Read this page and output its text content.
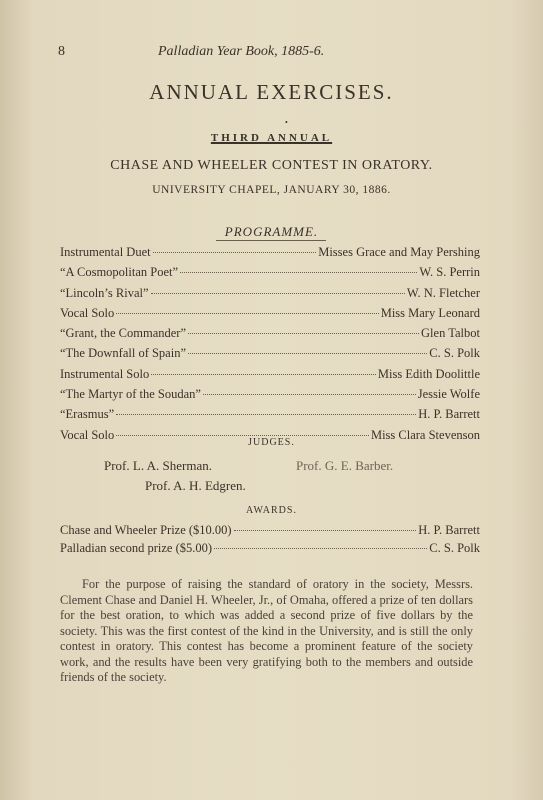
8	Palladian Year Book, 1885-6.
ANNUAL EXERCISES.
•
THIRD ANNUAL
CHASE AND WHEELER CONTEST IN ORATORY.
UNIVERSITY CHAPEL, JANUARY 30, 1886.
PROGRAMME.
Instrumental Duet	Misses Grace and May Pershing
“A Cosmopolitan Poet”	W. S. Perrin
“Lincoln’s Rival”	W. N. Fletcher
Vocal Solo	Miss Mary Leonard
“Grant, the Commander”	Glen Talbot
“The Downfall of Spain”	C. S. Polk
Instrumental Solo	Miss Edith Doolittle
“The Martyr of the Soudan”	Jessie Wolfe
“Erasmus”	H. P. Barrett
Vocal Solo	Miss Clara Stevenson
JUDGES.
Prof. L. A. Sherman.	Prof. G. E. Barber.
Prof. A. H. Edgren.
AWARDS.
Chase and Wheeler Prize ($10.00)	H. P. Barrett
Palladian second prize ($5.00)	C. S. Polk
For the purpose of raising the standard of oratory in the society, Messrs. Clement Chase and Daniel H. Wheeler, Jr., of Omaha, offered a prize of ten dollars for the best oration, to which was added a second prize of five dollars by the society. This was the first contest of the kind in the University, and is still the only contest in oratory. This contest has become a prominent feature of the society work, and the results have been very gratifying both to the members and outside friends of the society.
